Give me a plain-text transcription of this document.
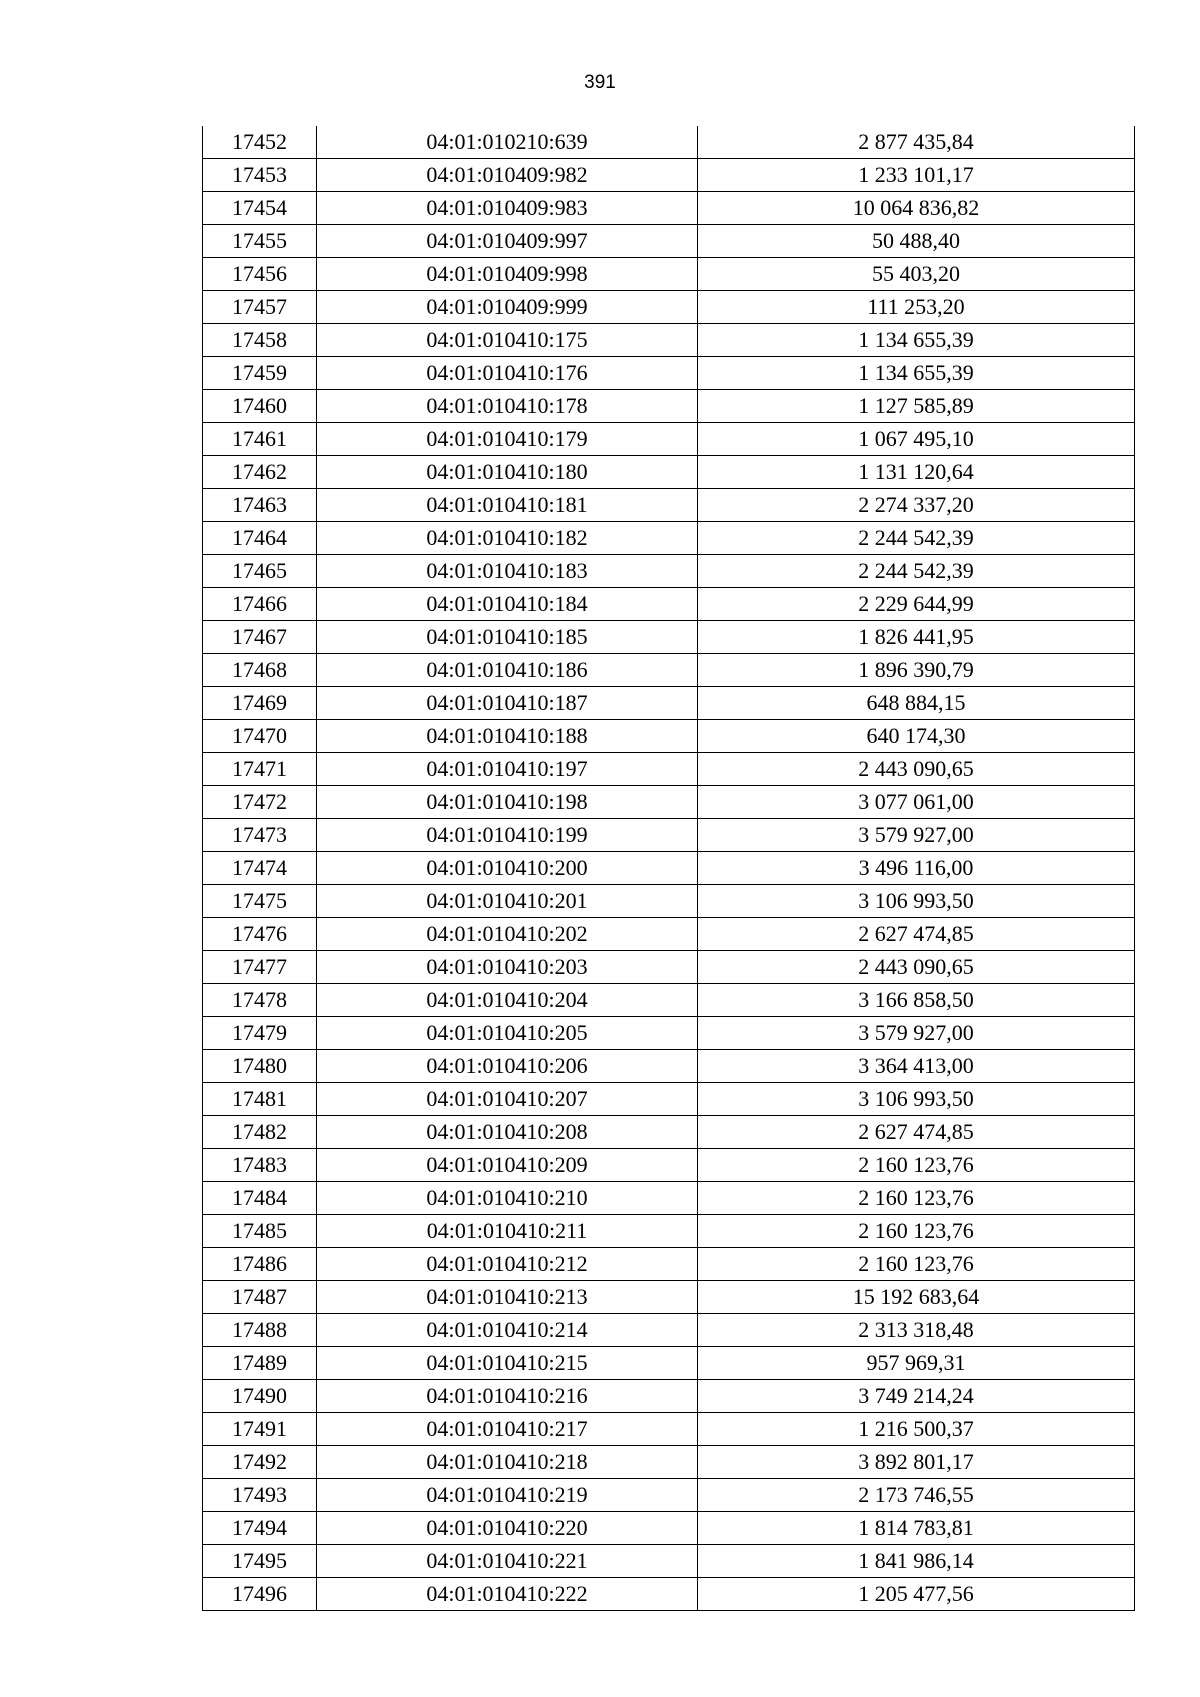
391
17452	04:01:010210:639	2 877 435,84
17453	04:01:010409:982	1 233 101,17
17454	04:01:010409:983	10 064 836,82
17455	04:01:010409:997	50 488,40
17456	04:01:010409:998	55 403,20
17457	04:01:010409:999	111 253,20
17458	04:01:010410:175	1 134 655,39
17459	04:01:010410:176	1 134 655,39
17460	04:01:010410:178	1 127 585,89
17461	04:01:010410:179	1 067 495,10
17462	04:01:010410:180	1 131 120,64
17463	04:01:010410:181	2 274 337,20
17464	04:01:010410:182	2 244 542,39
17465	04:01:010410:183	2 244 542,39
17466	04:01:010410:184	2 229 644,99
17467	04:01:010410:185	1 826 441,95
17468	04:01:010410:186	1 896 390,79
17469	04:01:010410:187	648 884,15
17470	04:01:010410:188	640 174,30
17471	04:01:010410:197	2 443 090,65
17472	04:01:010410:198	3 077 061,00
17473	04:01:010410:199	3 579 927,00
17474	04:01:010410:200	3 496 116,00
17475	04:01:010410:201	3 106 993,50
17476	04:01:010410:202	2 627 474,85
17477	04:01:010410:203	2 443 090,65
17478	04:01:010410:204	3 166 858,50
17479	04:01:010410:205	3 579 927,00
17480	04:01:010410:206	3 364 413,00
17481	04:01:010410:207	3 106 993,50
17482	04:01:010410:208	2 627 474,85
17483	04:01:010410:209	2 160 123,76
17484	04:01:010410:210	2 160 123,76
17485	04:01:010410:211	2 160 123,76
17486	04:01:010410:212	2 160 123,76
17487	04:01:010410:213	15 192 683,64
17488	04:01:010410:214	2 313 318,48
17489	04:01:010410:215	957 969,31
17490	04:01:010410:216	3 749 214,24
17491	04:01:010410:217	1 216 500,37
17492	04:01:010410:218	3 892 801,17
17493	04:01:010410:219	2 173 746,55
17494	04:01:010410:220	1 814 783,81
17495	04:01:010410:221	1 841 986,14
17496	04:01:010410:222	1 205 477,56
